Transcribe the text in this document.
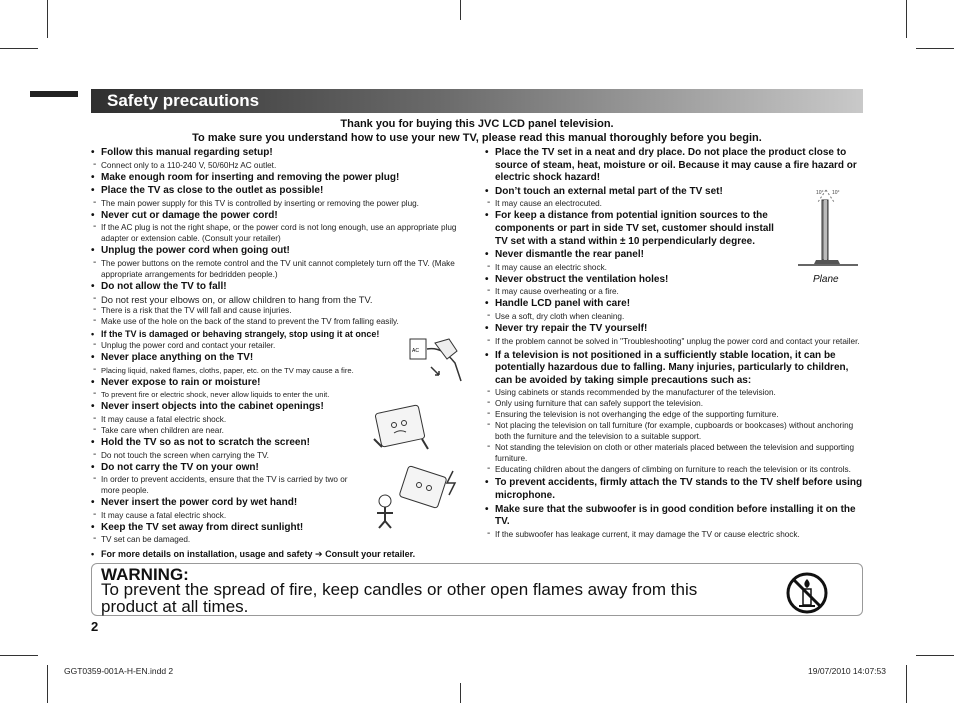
Safety precautions
Thank you for buying this JVC LCD panel television.
To make sure you understand how to use your new TV, please read this manual thoroughly before you begin.
• Follow this manual regarding setup!
- Connect only to a 110-240 V, 50/60Hz AC outlet.
• Make enough room for inserting and removing the power plug!
• Place the TV as close to the outlet as possible!
- The main power supply for this TV is controlled by inserting or removing the power plug.
• Never cut or damage the power cord!
- If the AC plug is not the right shape, or the power cord is not long enough, use an appropriate plug adapter or extension cable. (Consult your retailer)
• Unplug the power cord when going out!
- The power buttons on the remote control and the TV unit cannot completely turn off the TV. (Make appropriate arrangements for bedridden people.)
• Do not allow the TV to fall!
- Do not rest your elbows on, or allow children to hang from the TV.
- There is a risk that the TV will fall and cause injuries.
- Make use of the hole on the back of the stand to prevent the TV from falling easily.
• If the TV is damaged or behaving strangely, stop using it at once!
- Unplug the power cord and contact your retailer.
• Never place anything on the TV!
- Placing liquid, naked flames, cloths, paper, etc. on the TV may cause a fire.
• Never expose to rain or moisture!
- To prevent fire or electric shock, never allow liquids to enter the unit.
• Never insert objects into the cabinet openings!
- It may cause a fatal electric shock.
- Take care when children are near.
• Hold the TV so as not to scratch the screen!
- Do not touch the screen when carrying the TV.
• Do not carry the TV on your own!
- In order to prevent accidents, ensure that the TV is carried by two or more people.
• Never insert the power cord by wet hand!
- It may cause a fatal electric shock.
• Keep the TV set away from direct sunlight!
- TV set can be damaged.
• For more details on installation, usage and safety ➔ Consult your retailer.
AC
• Place the TV set in a neat and dry place. Do not place the product close to source of steam, heat, moisture or oil. Because it may cause a fire hazard or electric shock hazard!
• Don’t touch an external metal part of the TV set!
- It may cause an electrocuted.
• For keep a distance from potential ignition sources to the components or part in side TV set, customer should install TV set with a stand within ± 10 perpendicularly degree.
• Never dismantle the rear panel!
- It may cause an electric shock.
• Never obstruct the ventilation holes!
- It may cause overheating or a fire.
• Handle LCD panel with care!
- Use a soft, dry cloth when cleaning.
• Never try repair the TV yourself!
- If the problem cannot be solved in "Troubleshooting" unplug the power cord and contact your retailer.
• If a television is not positioned in a sufficiently stable location, it can be potentially hazardous due to falling. Many injuries, particularly to children, can be avoided by taking simple precautions such as:
- Using cabinets or stands recommended by the manufacturer of the television.
- Only using furniture that can safely support the television.
- Ensuring the television is not overhanging the edge of the supporting furniture.
- Not placing the television on tall furniture (for example, cupboards or bookcases) without anchoring both the furniture and the television to a suitable support.
- Not standing the television on cloth or other materials placed between the television and supporting furniture.
- Educating children about the dangers of climbing on furniture to reach the television or its controls.
• To prevent accidents, firmly attach the TV stands to the TV shelf before using microphone.
• Make sure that the subwoofer is in good condition before installing it on the TV.
- If the subwoofer has leakage current, it may damage the TV or cause electric shock.
10° 10°
Plane
WARNING:
To prevent the spread of fire, keep candles or other open flames away from this product at all times.
2
GGT0359-001A-H-EN.indd 2	19/07/2010 14:07:53
